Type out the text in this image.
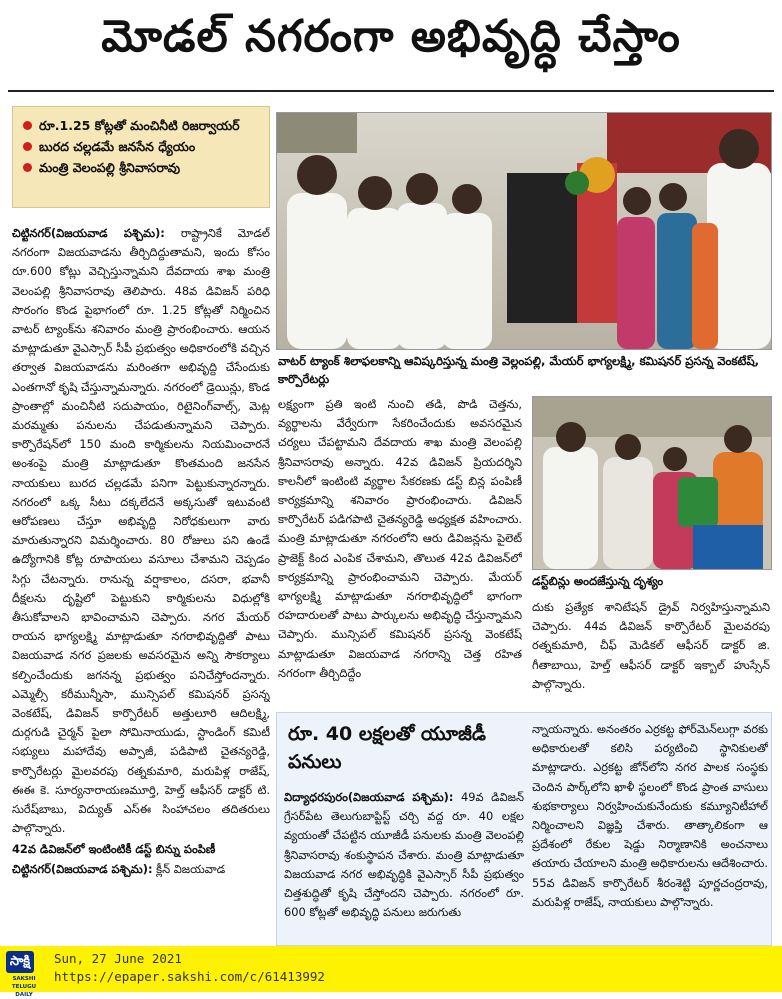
మోడల్ నగరంగా అభివృద్ధి చేస్తాం
రూ.1.25 కోట్లతో మంచినీటి రిజర్వాయర్
బురద చల్లడమే జనసేన ధ్యేయం
మంత్రి వెలంపల్లి శ్రీనివాసరావు

చిట్టినగర్(విజయవాడ పశ్చిమ): రాష్ట్రానికే మోడల్ నగరంగా విజయవాడను తీర్చిదిద్దుతామని, ఇందు కోసం రూ.600 కోట్లు వెచ్చిస్తున్నామని దేవదాయ శాఖ మంత్రి వెలంపల్లి శ్రీనివాసరావు తెలిపారు. 48వ డివిజన్ పరిధి సొరంగం కొండ పైభాగంలో రూ. 1.25 కోట్లతో నిర్మించిన వాటర్ ట్యాంక్‌ను శనివారం మంత్రి ప్రారంభించారు. ఆయన మాట్లాడుతూ వైఎస్సార్ సీపీ ప్రభుత్వం అధికారంలోకి వచ్చిన తర్వాత విజయవాడను మరింతగా అభివృద్ది చేసేందుకు ఎంతగానో కృషి చేస్తున్నామన్నారు. నగరంలో డ్రెయిన్లు, కొండ ప్రాంతాల్లో మంచినీటి సదుపాయం, రిటైనింగ్‌వాల్స్, మెట్ల మరమ్మతు పనులను చేపడుతున్నామని చెప్పారు. కార్పొరేషన్‌లో 150 మంది కార్మికులను నియమించారనే అంశంపై మంత్రి మాట్లాడుతూ కొంతమంది జనసేన నాయకులు బురద చల్లడమే పనిగా పెట్టుకున్నారన్నారు. నగరంలో ఒక్క సీటు దక్కలేదనే అక్కసుతో ఇటువంటి ఆరోపణలు చేస్తూ అభివృద్ది నిరోధకులుగా వారు మారుతున్నారని విమర్శించారు. 80 రోజులు పని ఉండే ఉద్యోగానికి కోట్ల రూపాయలు వసూలు చేశామని చెప్పడం సిగ్గు చేటన్నారు. రానున్న వర్షాకాలం, దసరా, భవానీ దీక్షలను దృష్టిలో పెట్టుకుని కార్మికులను విధుల్లోకి తీసుకోవాలని భావించామని చెప్పారు. నగర మేయర్ రాయన భాగ్యలక్ష్మి మాట్లాడుతూ నగరాభివృద్దితో పాటు విజయవాడ నగర ప్రజలకు అవసరమైన అన్ని సౌకర్యాలు కల్పించేందుకు జగనన్న ప్రభుత్వం పనిచేస్తోందన్నారు. ఎమ్మెల్సీ కరీమున్నీసా, మున్సిపల్ కమిషనర్ ప్రసన్న వెంకటేష్, డివిజన్ కార్పొరేటర్ అత్తులూరి ఆదిలక్ష్మి, దుర్గగుడి చైర్మన్ పైలా సోమినాయుడు, స్టాండింగ్ కమిటీ సభ్యులు మహాదేవు అప్పాజీ, పడిపాటి చైతన్యరెడ్డి, కార్పొరేటర్లు మైలవరపు రత్నకుమారి, మరుపిళ్ల రాజేష్, ఈఈ కె. సూర్యనారాయణమూర్తి, హెల్త్ ఆఫీసర్ డాక్టర్ టి. సురేష్‌బాబు, విద్యుత్ ఎస్ఈ సింహాచలం తదితరులు పాల్గొన్నారు.

42వ డివిజన్‌లో ఇంటింటికీ డస్ట్ బిన్ను పంపిణీ

చిట్టినగర్(విజయవాడ పశ్చిమ): క్లీన్ విజయవాడ

వాటర్ ట్యాంక్ శిలాఫలకాన్ని ఆవిష్కరిస్తున్న మంత్రి వెల్లంపల్లి, మేయర్ భాగ్యలక్ష్మి, కమిషనర్ ప్రసన్న వెంకటేష్, కార్పొరేటర్లు

లక్ష్యంగా ప్రతి ఇంటి నుంచి తడి, పొడి చెత్తను, వ్యర్థాలను వేర్వేరుగా సేకరించేందుకు అవసరమైన చర్యలు చేపట్టామని దేవదాయ శాఖ మంత్రి వెలంపల్లి శ్రీనివాసరావు అన్నారు. 42వ డివిజన్ ప్రియదర్శిని కాలనీలో ఇంటింటి వ్యర్థాల సేకరణకు డస్ట్ బిన్ల పంపిణీ కార్యక్రమాన్ని శనివారం ప్రారంభించారు. డివిజన్ కార్పొరేటర్ పడిగపాటి చైతన్యరెడ్డి అధ్యక్షత వహించారు. మంత్రి మాట్లాడుతూ నగరంలోని ఆరు డివిజన్లను పైలెట్ ప్రాజెక్ట్ కింద ఎంపిక చేశామని, తొలుత 42వ డివిజన్‌లో కార్యక్రమాన్ని ప్రారంభించామని చెప్పారు. మేయర్ భాగ్యలక్ష్మి మాట్లాడుతూ నగరాభివృద్ధిలో భాగంగా రహదారులతో పాటు పార్కులను అభివృద్ధి చేస్తున్నామని చెప్పారు. మున్సిపల్ కమిషనర్ ప్రసన్న వెంకటేష్ మాట్లాడుతూ విజయవాడ నగరాన్ని చెత్త రహిత నగరంగా తీర్చిదిద్దేం

డస్ట్‌బిన్లు అందజేస్తున్న దృశ్యం

దుకు ప్రత్యేక శానిటేషన్ డ్రైవ్ నిర్వహిస్తున్నామని చెప్పారు. 44వ డివిజన్ కార్పొరేటర్ మైలవరపు రత్నకుమారి, చీఫ్ మెడికల్ ఆఫీసర్ డాక్టర్ జి. గీతాబాయి, హెల్త్ ఆఫీసర్ డాక్టర్ ఇక్బాల్ హుస్సేన్ పాల్గొన్నారు.

రూ. 40 లక్షలతో యూజీడీ పనులు

విద్యాధరపురం(విజయవాడ పశ్చిమ): 49వ డివిజన్ గ్రేసర్‌పేట తెలుగుబాప్టిస్ట్ చర్చి వద్ద రూ. 40 లక్షల వ్యయంతో చేపట్టిన యూజీడీ పనులకు మంత్రి వెలంపల్లి శ్రీనివాసరావు శంకుస్థాపన చేశారు. మంత్రి మాట్లాడుతూ విజయవాడ నగర అభివృద్ధికి వైఎస్సార్ సీపీ ప్రభుత్వం చిత్తశుద్ధితో కృషి చేస్తోందని చెప్పారు. నగరంలో రూ. 600 కోట్లతో అభివృద్ధి పనులు జరుగుతు

న్నాయన్నారు. అనంతరం ఎర్రకట్ట ఫోర్‌మెన్‌లుగ్గా వరకు అధికారులతో కలిసి పర్యటించి స్థానికులతో మాట్లాడారు. ఎర్రకట్ట జోన్‌లోని నగర పాలక సంస్థకు చెందిన పార్క్‌లోని ఖాళీ స్థలంలో కొండ ప్రాంత వాసులు శుభకార్యాలు నిర్వహించుకునేందుకు కమ్యూనిటీహాల్ నిర్మించాలని విజ్ఞప్తి చేశారు. తాత్కాలికంగా ఆ ప్రదేశంలో రేకుల షెడ్డు నిర్మాణానికి అంచనాలు తయారు చేయాలని మంత్రి అధికారులను ఆదేశించారు. 55వ డివిజన్ కార్పొరేటర్ శీరంశెట్టి పూర్ణచంద్రరావు, మరుపిళ్ల రాజేష్, నాయకులు పాల్గొన్నారు.

సాక్షి
SAKSHI TELUGU DAILY
Sun, 27 June 2021
https://epaper.sakshi.com/c/61413992
